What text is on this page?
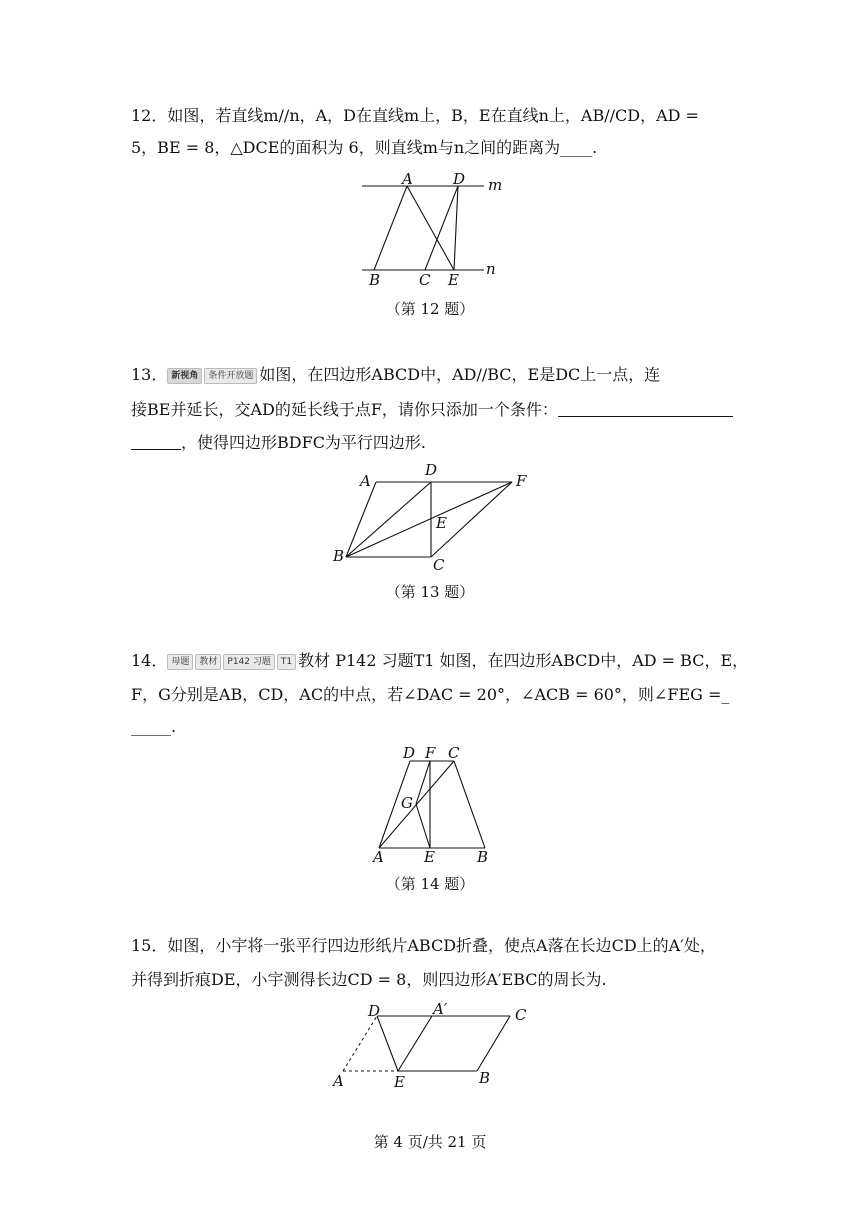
12．如图，若直线m//n，A，D在直线m上，B，E在直线n上，AB//CD，AD =
5，BE = 8，△DCE的面积为 6，则直线m与n之间的距离为____.
A	D m
B	C E
n
（第 12 题）
13． 新视角 条件开放题 如图，在四边形ABCD中，AD//BC，E是DC上一点，连
接BE并延长，交AD的延长线于点F，请你只添加一个条件：
，使得四边形BDFC为平行四边形.
A
D
F
E
B	C
（第 13 题）
14． 母题 教材 P142 习题 T1 教材 P142 习题T1 如图，在四边形ABCD中，AD = BC，E，
F，G分别是AB，CD，AC的中点，若∠DAC = 20°，∠ACB = 60°，则∠FEG =_
_____.
D F C
G
A	E	B
（第 14 题）
15．如图，小宇将一张平行四边形纸片ABCD折叠，使点A落在长边CD上的A′处，
并得到折痕DE，小宇测得长边CD = 8，则四边形A′EBC的周长为.
D	A′	C
A	E	B
第 4 页/共 21 页
